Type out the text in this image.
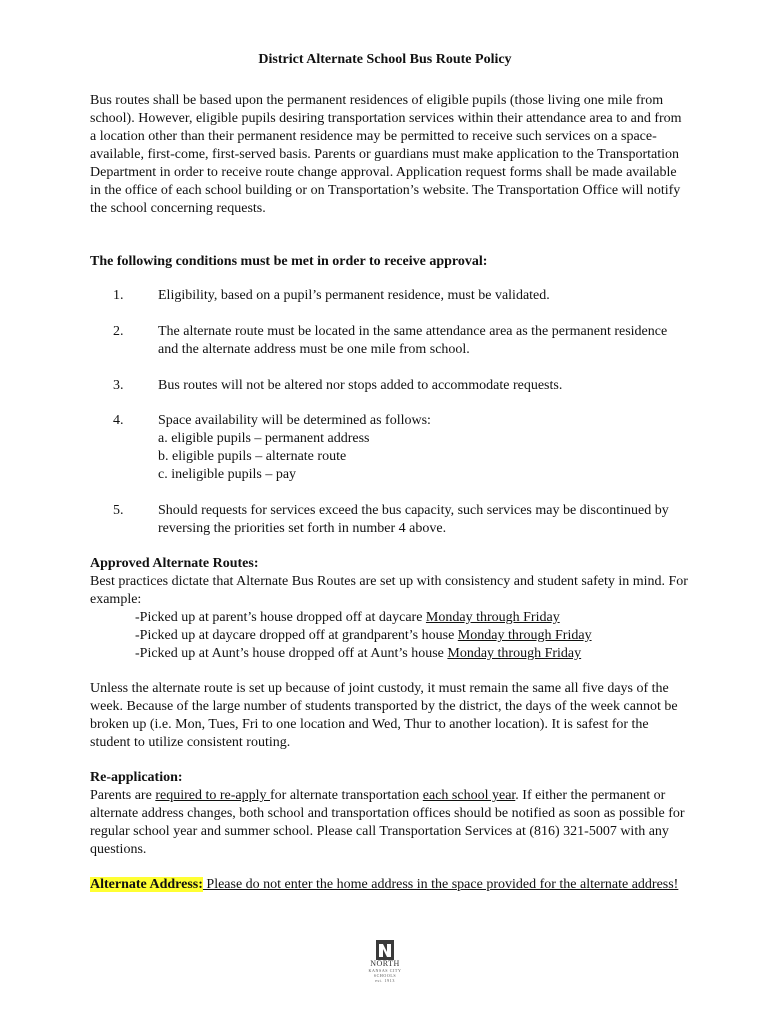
District Alternate School Bus Route Policy

Bus routes shall be based upon the permanent residences of eligible pupils (those living one mile from school). However, eligible pupils desiring transportation services within their attendance area to and from a location other than their permanent residence may be permitted to receive such services on a space-available, first-come, first-served basis. Parents or guardians must make application to the Transportation Department in order to receive route change approval. Application request forms shall be made available in the office of each school building or on Transportation’s website. The Transportation Office will notify the school concerning requests.

The following conditions must be met in order to receive approval:

1. Eligibility, based on a pupil’s permanent residence, must be validated.
2. The alternate route must be located in the same attendance area as the permanent residence and the alternate address must be one mile from school.
3. Bus routes will not be altered nor stops added to accommodate requests.
4. Space availability will be determined as follows:
a. eligible pupils – permanent address
b. eligible pupils – alternate route
c. ineligible pupils – pay
5. Should requests for services exceed the bus capacity, such services may be discontinued by reversing the priorities set forth in number 4 above.
Approved Alternate Routes:
Best practices dictate that Alternate Bus Routes are set up with consistency and student safety in mind. For example:
-Picked up at parent’s house dropped off at daycare Monday through Friday
-Picked up at daycare dropped off at grandparent’s house Monday through Friday
-Picked up at Aunt’s house dropped off at Aunt’s house Monday through Friday

Unless the alternate route is set up because of joint custody, it must remain the same all five days of the week. Because of the large number of students transported by the district, the days of the week cannot be broken up (i.e. Mon, Tues, Fri to one location and Wed, Thur to another location). It is safest for the student to utilize consistent routing.

Re-application:
Parents are required to re-apply for alternate transportation each school year. If either the permanent or alternate address changes, both school and transportation offices should be notified as soon as possible for regular school year and summer school. Please call Transportation Services at (816) 321-5007 with any questions.
Alternate Address: Please do not enter the home address in the space provided for the alternate address!
NORTH
KANSAS CITY
SCHOOLS
est. 1913
